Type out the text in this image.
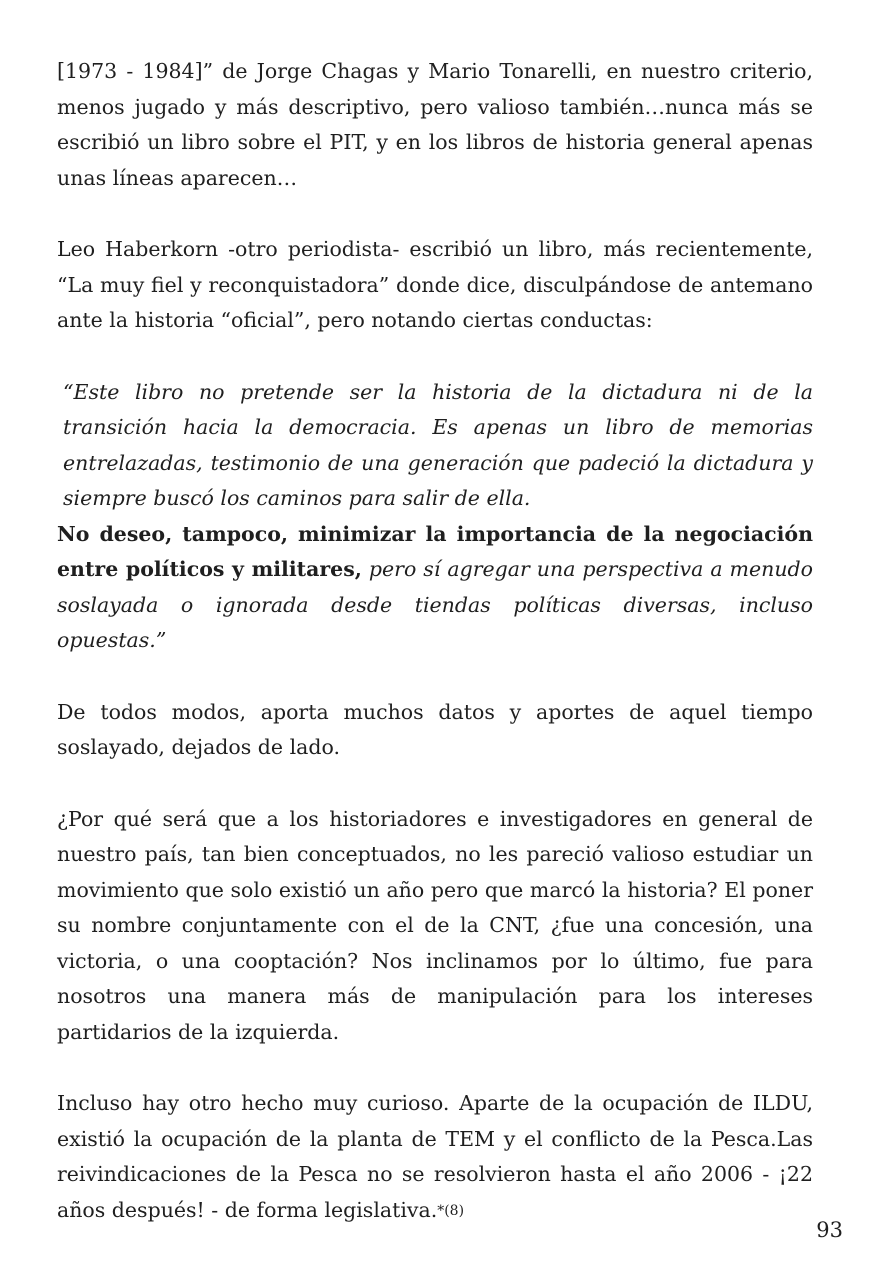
[1973 - 1984]” de Jorge Chagas y Mario Tonarelli, en nuestro criterio, menos jugado y más descriptivo, pero valioso también…nunca más se escribió un libro sobre el PIT, y en los libros de historia general apenas unas líneas aparecen…

Leo Haberkorn -otro periodista- escribió un libro, más recientemente, “La muy fiel y reconquistadora” donde dice, disculpándose de antemano ante la historia “oficial”, pero notando ciertas conductas:

“Este libro no pretende ser la historia de la dictadura ni de la transición hacia la democracia. Es apenas un libro de memorias entrelazadas, testimonio de una generación que padeció la dictadura y siempre buscó los caminos para salir de ella.

No deseo, tampoco, minimizar la importancia de la negociación entre políticos y militares, pero sí agregar una perspectiva a menudo soslayada o ignorada desde tiendas políticas diversas, incluso opuestas.”

De todos modos, aporta muchos datos y aportes de aquel tiempo soslayado, dejados de lado.

¿Por qué será que a los historiadores e investigadores en general de nuestro país, tan bien conceptuados, no les pareció valioso estudiar un movimiento que solo existió un año pero que marcó la historia? El poner su nombre conjuntamente con el de la CNT, ¿fue una concesión, una victoria, o una cooptación? Nos inclinamos por lo último, fue para nosotros una manera más de manipulación para los intereses partidarios de la izquierda.

Incluso hay otro hecho muy curioso. Aparte de la ocupación de ILDU, existió la ocupación de la planta de TEM y el conflicto de la Pesca.Las reivindicaciones de la Pesca no se resolvieron hasta el año 2006 - ¡22 años después! - de forma legislativa.*(8)

93
